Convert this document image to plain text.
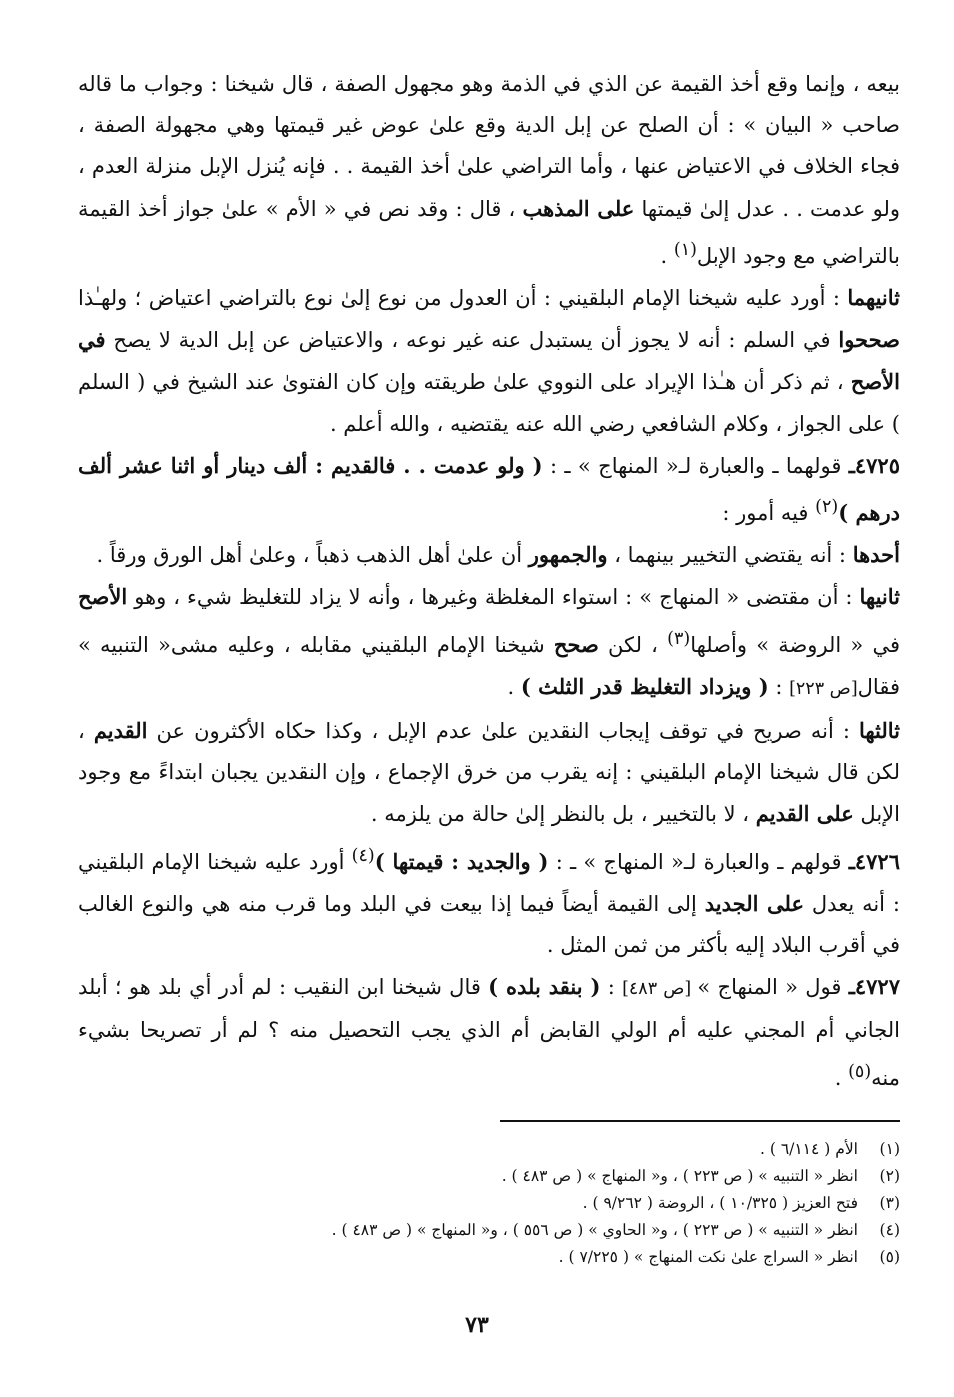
بيعه ، وإنما وقع أخذ القيمة عن الذي في الذمة وهو مجهول الصفة ، قال شيخنا : وجواب ما قاله صاحب « البيان » : أن الصلح عن إبل الدية وقع علىٰ عوض غير قيمتها وهي مجهولة الصفة ، فجاء الخلاف في الاعتياض عنها ، وأما التراضي علىٰ أخذ القيمة . . فإنه يُنزل الإبل منزلة العدم ، ولو عدمت . . عدل إلىٰ قيمتها على المذهب ، قال : وقد نص في « الأم » علىٰ جواز أخذ القيمة بالتراضي مع وجود الإبل$^{(١)}$ .

ثانيهما : أورد عليه شيخنا الإمام البلقيني : أن العدول من نوع إلىٰ نوع بالتراضي اعتياض ؛ ولهـٰذا صححوا في السلم : أنه لا يجوز أن يستبدل عنه غير نوعه ، والاعتياض عن إبل الدية لا يصح في الأصح ، ثم ذكر أن هـٰذا الإيراد على النووي علىٰ طريقته وإن كان الفتوىٰ عند الشيخ في ( السلم ) على الجواز ، وكلام الشافعي رضي الله عنه يقتضيه ، والله أعلم .

٤٧٢٥ـ قولهما ـ والعبارة لـ« المنهاج » ـ : ( ولو عدمت . . فالقديم : ألف دينار أو اثنا عشر ألف درهم )$^{(٢)}$ فيه أمور :

أحدها : أنه يقتضي التخيير بينهما ، والجمهور أن علىٰ أهل الذهب ذهباً ، وعلىٰ أهل الورق ورقاً .

ثانيها : أن مقتضى « المنهاج » : استواء المغلظة وغيرها ، وأنه لا يزاد للتغليظ شيء ، وهو الأصح في « الروضة » وأصلها$^{(٣)}$ ، لكن صحح شيخنا الإمام البلقيني مقابله ، وعليه مشى« التنبيه » فقال[ص ٢٢٣] : ( ويزداد التغليظ قدر الثلث ) .

ثالثها : أنه صريح في توقف إيجاب النقدين علىٰ عدم الإبل ، وكذا حكاه الأكثرون عن القديم ، لكن قال شيخنا الإمام البلقيني : إنه يقرب من خرق الإجماع ، وإن النقدين يجبان ابتداءً مع وجود الإبل على القديم ، لا بالتخيير ، بل بالنظر إلىٰ حالة من يلزمه .

٤٧٢٦ـ قولهم ـ والعبارة لـ« المنهاج » ـ : ( والجديد : قيمتها )$^{(٤)}$ أورد عليه شيخنا الإمام البلقيني : أنه يعدل على الجديد إلى القيمة أيضاً فيما إذا بيعت في البلد وما قرب منه هي والنوع الغالب في أقرب البلاد إليه بأكثر من ثمن المثل .

٤٧٢٧ـ قول « المنهاج » [ص ٤٨٣] : ( بنقد بلده ) قال شيخنا ابن النقيب : لم أدر أي بلد هو ؛ أبلد الجاني أم المجني عليه أم الولي القابض أم الذي يجب التحصيل منه ؟ لم أر تصريحا بشيء منه$^{(٥)}$ .

(١)الأم ( ٦/١١٤ ) .

(٢)انظر « التنبيه » ( ص ٢٢٣ ) ، و« المنهاج » ( ص ٤٨٣ ) .

(٣)فتح العزيز ( ١٠/٣٢٥ ) ، الروضة ( ٩/٢٦٢ ) .

(٤)انظر « التنبيه » ( ص ٢٢٣ ) ، و« الحاوي » ( ص ٥٥٦ ) ، و« المنهاج » ( ص ٤٨٣ ) .

(٥)انظر « السراج علىٰ نكت المنهاج » ( ٧/٢٢٥ ) .

٧٣
